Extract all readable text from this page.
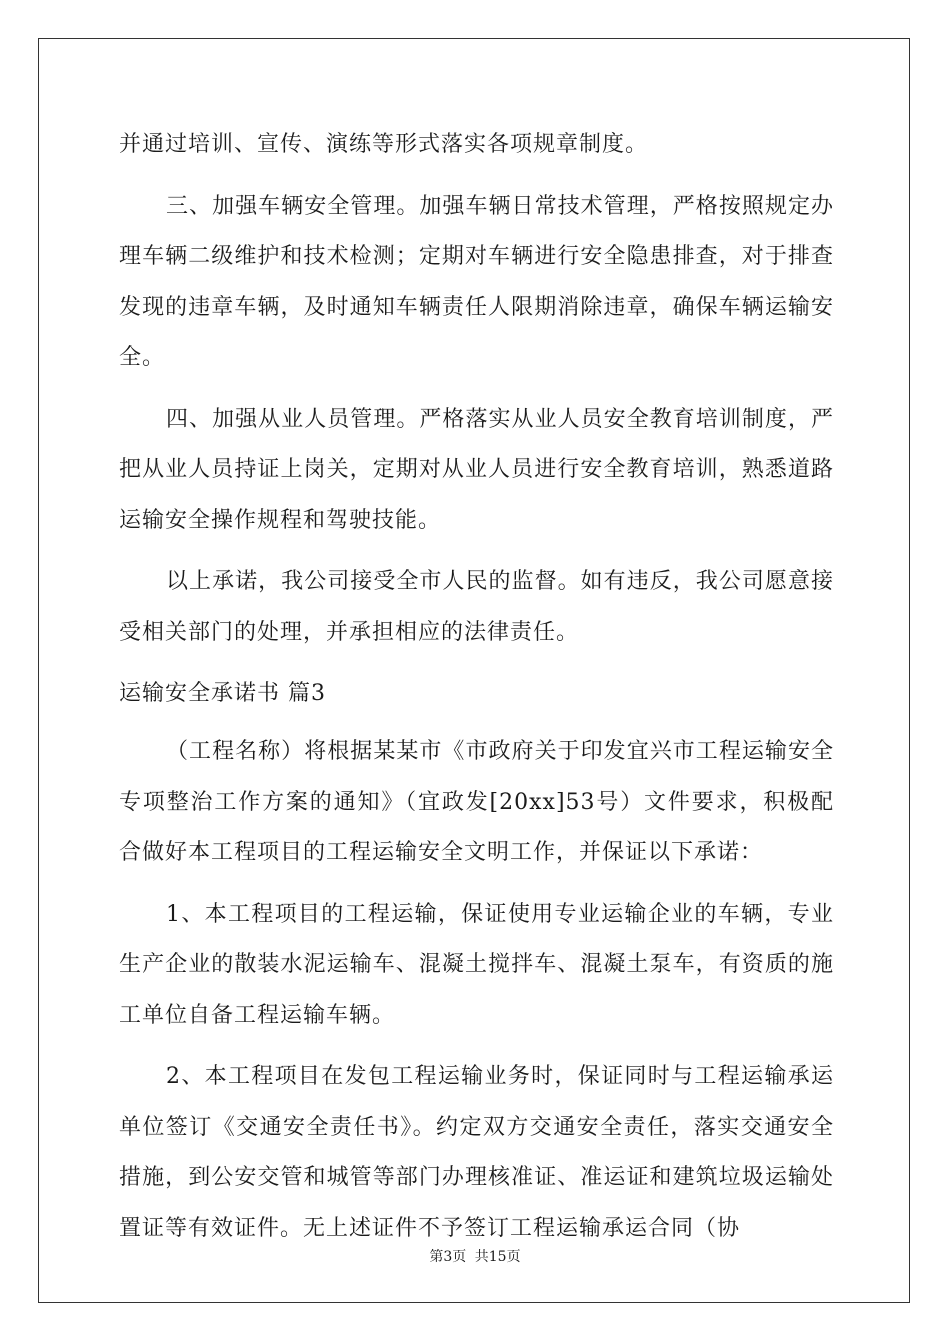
并通过培训、宣传、演练等形式落实各项规章制度。

三、加强车辆安全管理。加强车辆日常技术管理，严格按照规定办理车辆二级维护和技术检测；定期对车辆进行安全隐患排查，对于排查发现的违章车辆，及时通知车辆责任人限期消除违章，确保车辆运输安全。

四、加强从业人员管理。严格落实从业人员安全教育培训制度，严把从业人员持证上岗关，定期对从业人员进行安全教育培训，熟悉道路运输安全操作规程和驾驶技能。

以上承诺，我公司接受全市人民的监督。如有违反，我公司愿意接受相关部门的处理，并承担相应的法律责任。

运输安全承诺书 篇3

（工程名称）将根据某某市《市政府关于印发宜兴市工程运输安全专项整治工作方案的通知》（宜政发[20xx]53号）文件要求，积极配合做好本工程项目的工程运输安全文明工作，并保证以下承诺：

1、本工程项目的工程运输，保证使用专业运输企业的车辆，专业生产企业的散装水泥运输车、混凝土搅拌车、混凝土泵车，有资质的施工单位自备工程运输车辆。

2、本工程项目在发包工程运输业务时，保证同时与工程运输承运单位签订《交通安全责任书》。约定双方交通安全责任，落实交通安全措施，到公安交管和城管等部门办理核准证、准运证和建筑垃圾运输处置证等有效证件。无上述证件不予签订工程运输承运合同（协

第3页 共15页
